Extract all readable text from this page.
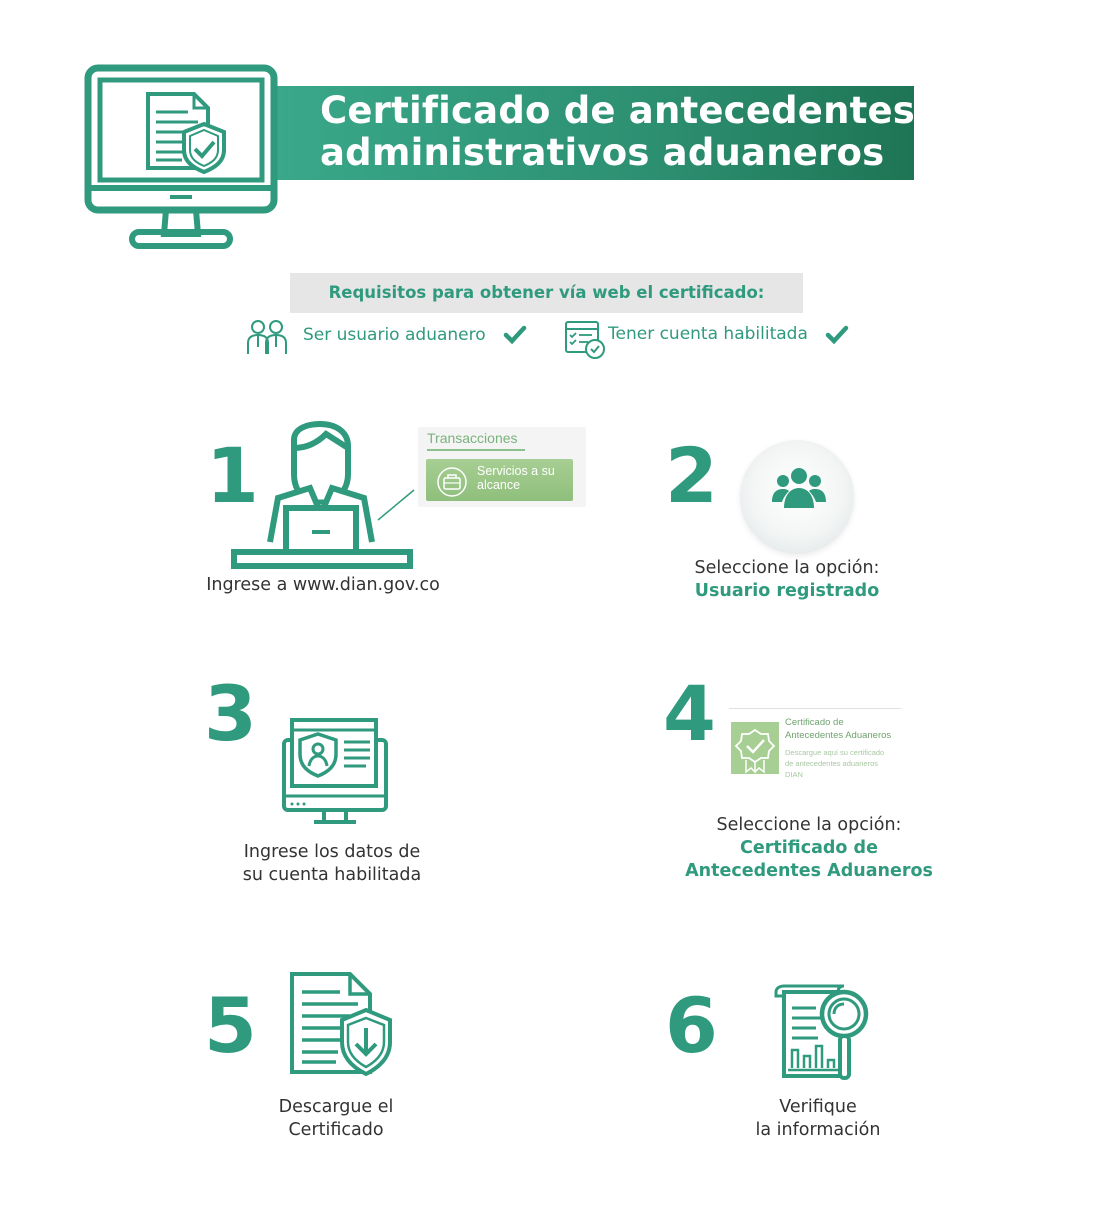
Certificado de antecedentes
administrativos aduaneros
Requisitos para obtener vía web el certificado:
Ser usuario aduanero	Tener cuenta habilitada
1	Transacciones
Servicios a su alcance
Ingrese a www.dian.gov.co
2
Seleccione la opción:
Usuario registrado
3
Ingrese los datos de
su cuenta habilitada
4	Certificado de
Antecedentes Aduaneros
Descargue aquí su certificado
de antecedentes aduaneros
DIAN
Seleccione la opción:
Certificado de
Antecedentes Aduaneros
5
Descargue el
Certificado
6
Verifique
la información
